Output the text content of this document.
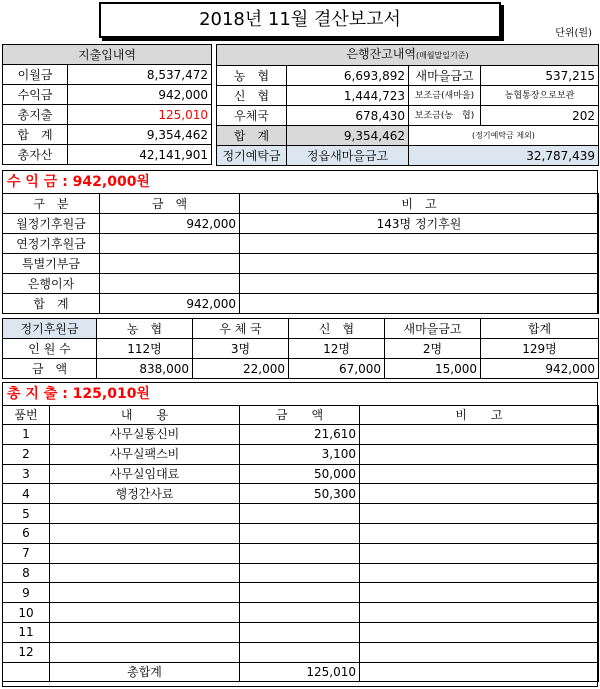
2018년 11월 결산보고서
단위(원)
지출입내역	
이월금	8,537,472
수익금	942,000
총지출	125,010
합　계	9,354,462
총자산	42,141,901
은행잔고내역(매월말일기준)			
농　협	6,693,892	새마을금고	537,215
신　협	1,444,723	보조금(새마을)	농협통장으로보관
우체국	678,430	보조금(농　협)	202
합　계	9,354,462	(정기예탁금 제외)	
정기예탁금	정읍새마을금고	32,787,439	
수 익 금 : 942,000원
구　분	금　액	비　고
월정기후원금	942,000	143명 정기후원
연정기후원금		
특별기부금		
은행이자		
합　계	942,000	
정기후원금	농　협	우 체 국	신　협	새마을금고	합계
인 원 수	112명	3명	12명	2명	129명
금　액	838,000	22,000	67,000	15,000	942,000
총 지 출 : 125,010원
품번	내　　용	금　　액	비　　고
1	사무실통신비	21,610	
2	사무실팩스비	3,100	
3	사무실임대료	50,000	
4	행정간사료	50,300	
5			
6			
7			
8			
9			
10			
11			
12			
	총합계	125,010	
